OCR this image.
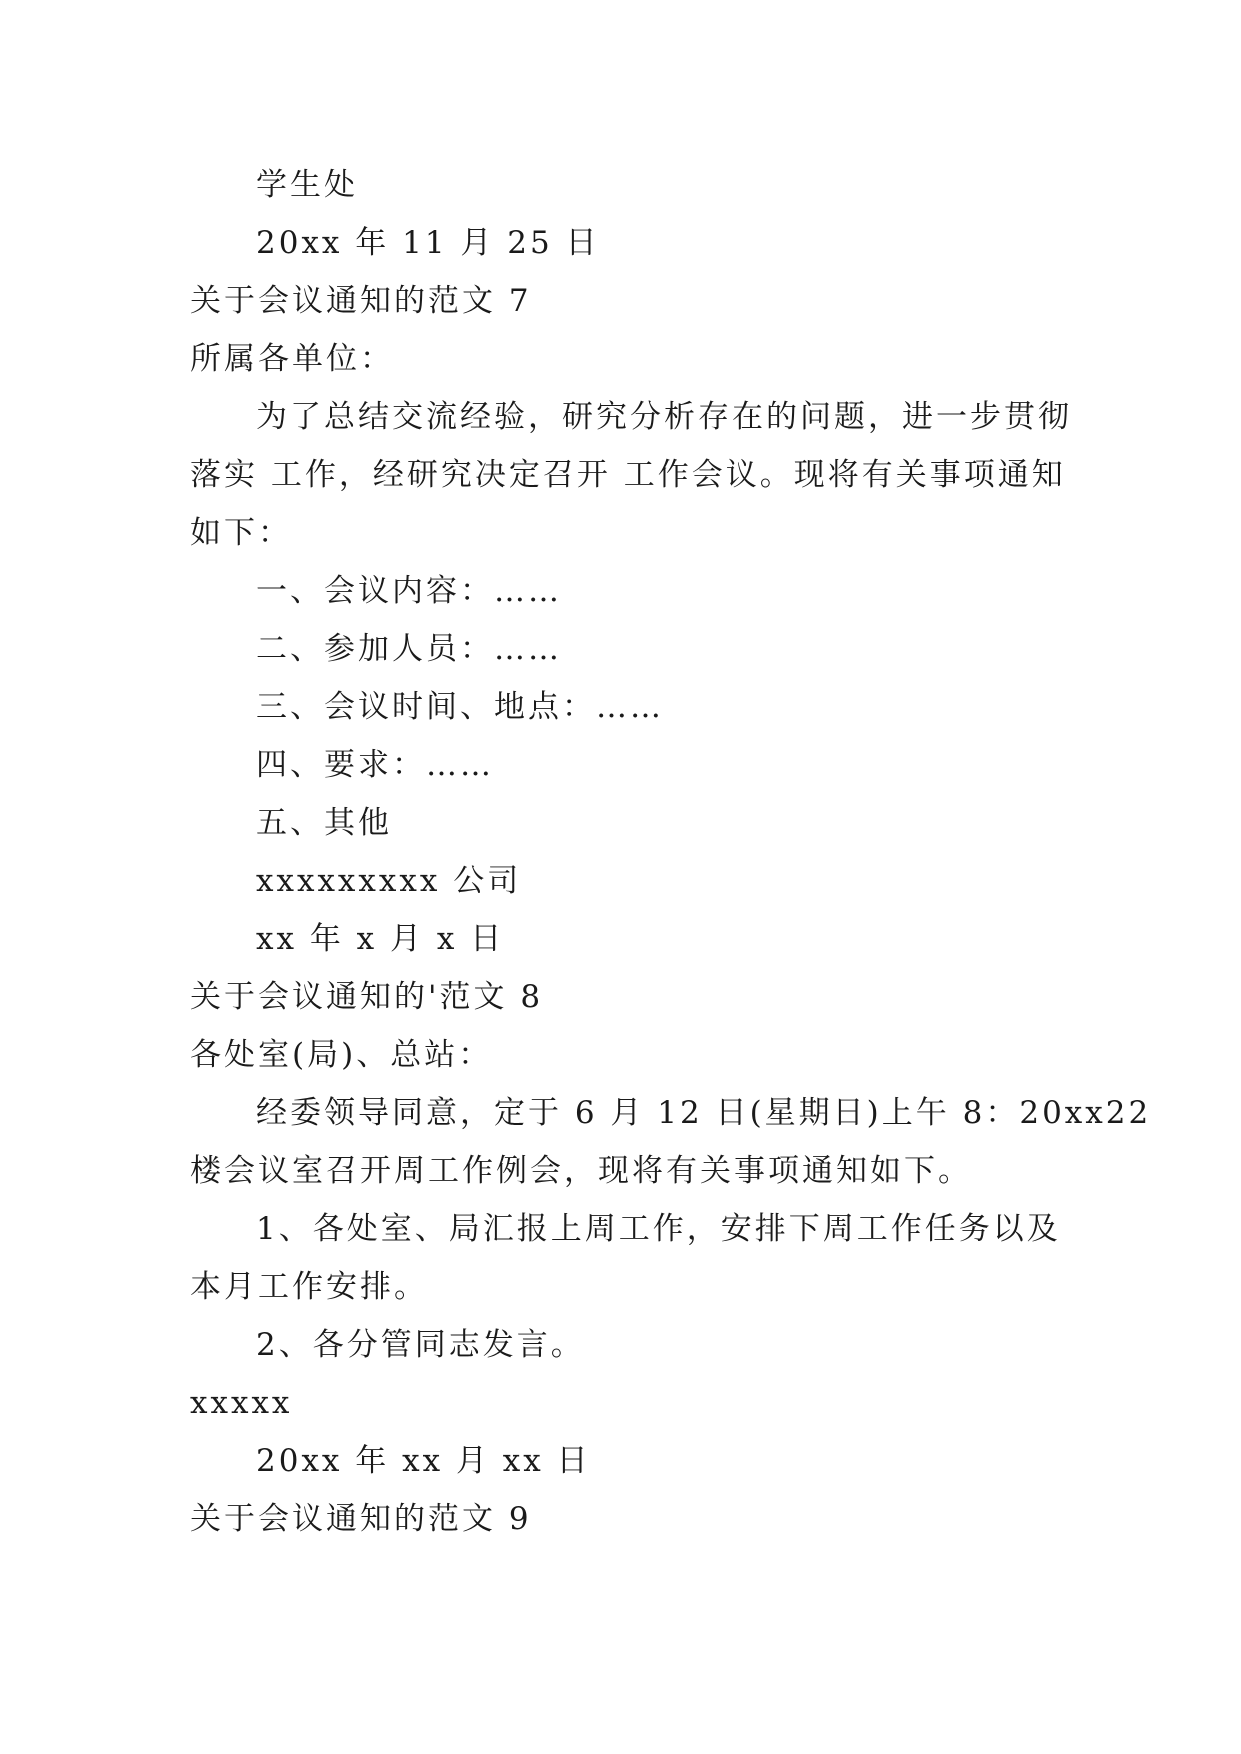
学生处
20xx 年 11 月 25 日
关于会议通知的范文 7
所属各单位：
为了总结交流经验，研究分析存在的问题，进一步贯彻
落实 工作，经研究决定召开 工作会议。现将有关事项通知
如下：
一、会议内容：……
二、参加人员：……
三、会议时间、地点：……
四、要求：……
五、其他
xxxxxxxxx 公司
xx 年 x 月 x 日
关于会议通知的'范文 8
各处室(局)、总站：
经委领导同意，定于 6 月 12 日(星期日)上午 8：20xx22
楼会议室召开周工作例会，现将有关事项通知如下。
1、各处室、局汇报上周工作，安排下周工作任务以及
本月工作安排。
2、各分管同志发言。
xxxxx
20xx 年 xx 月 xx 日
关于会议通知的范文 9
